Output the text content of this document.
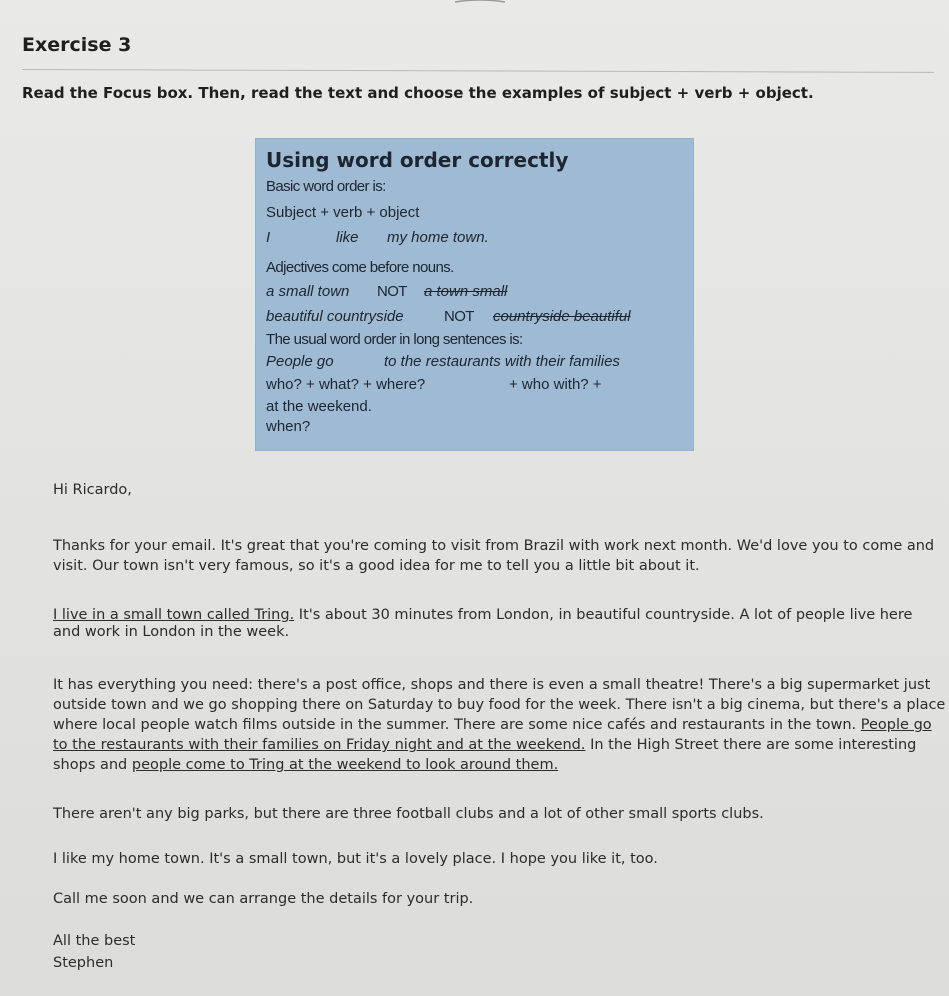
Exercise 3
Read the Focus box. Then, read the text and choose the examples of subject + verb + object.
Using word order correctly
Basic word order is:
Subject + verb + object
I	like my home town.
Adjectives come before nouns.
a small town NOT a town small
beautiful countryside	NOT countryside beautiful
The usual word order in long sentences is:
People go	to the restaurants with their families
who? + what? + where?	+ who with? +
at the weekend.
when?
Hi Ricardo,
Thanks for your email. It's great that you're coming to visit from Brazil with work next month. We'd love you to come and
visit. Our town isn't very famous, so it's a good idea for me to tell you a little bit about it.
I live in a small town called Tring. It's about 30 minutes from London, in beautiful countryside. A lot of people live here
and work in London in the week.
It has everything you need: there's a post office, shops and there is even a small theatre! There's a big supermarket just
outside town and we go shopping there on Saturday to buy food for the week. There isn't a big cinema, but there's a place
where local people watch films outside in the summer. There are some nice cafés and restaurants in the town. People go
to the restaurants with their families on Friday night and at the weekend. In the High Street there are some interesting
shops and people come to Tring at the weekend to look around them.
There aren't any big parks, but there are three football clubs and a lot of other small sports clubs.
I like my home town. It's a small town, but it's a lovely place. I hope you like it, too.
Call me soon and we can arrange the details for your trip.
All the best
Stephen
